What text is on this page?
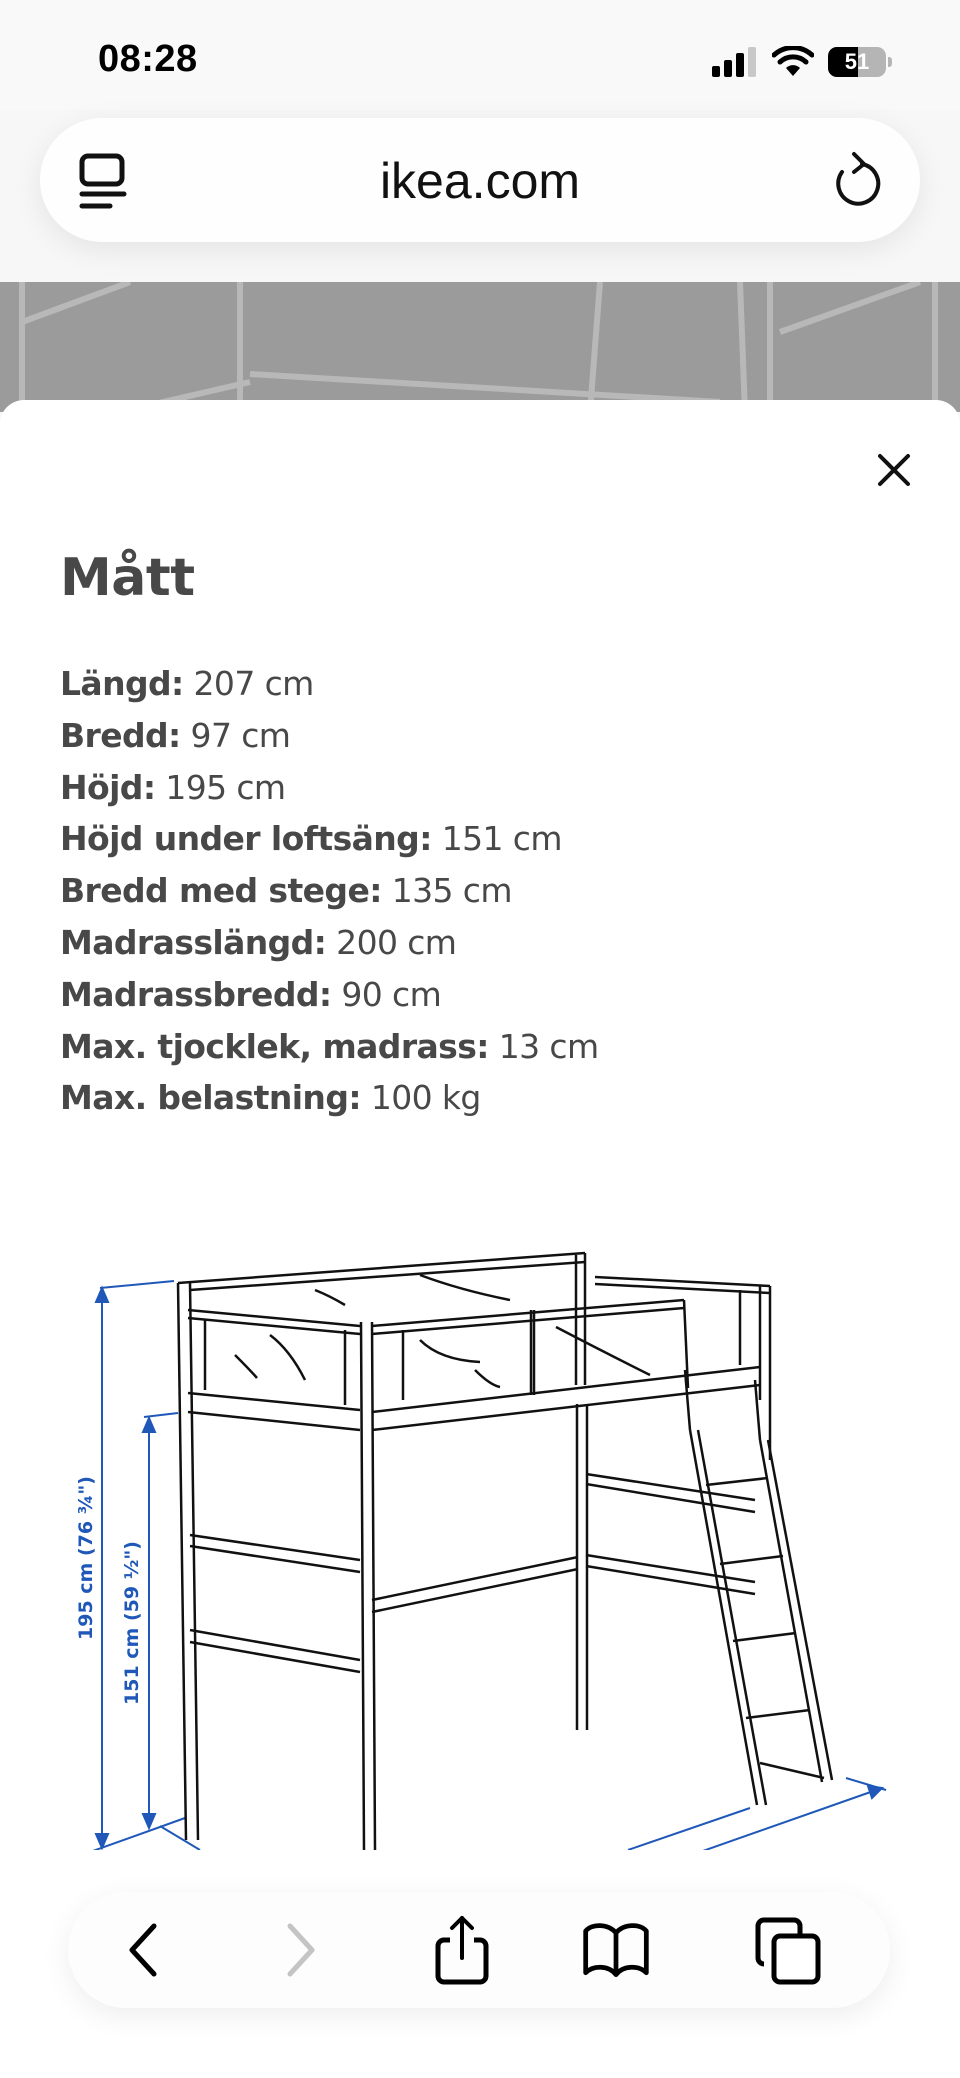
08:28	51
ikea.com
Mått
Längd: 207 cm
Bredd: 97 cm
Höjd: 195 cm
Höjd under loftsäng: 151 cm
Bredd med stege: 135 cm
Madrasslängd: 200 cm
Madrassbredd: 90 cm
Max. tjocklek, madrass: 13 cm
Max. belastning: 100 kg
195 cm (76 ¾") 151 cm (59 ½")
